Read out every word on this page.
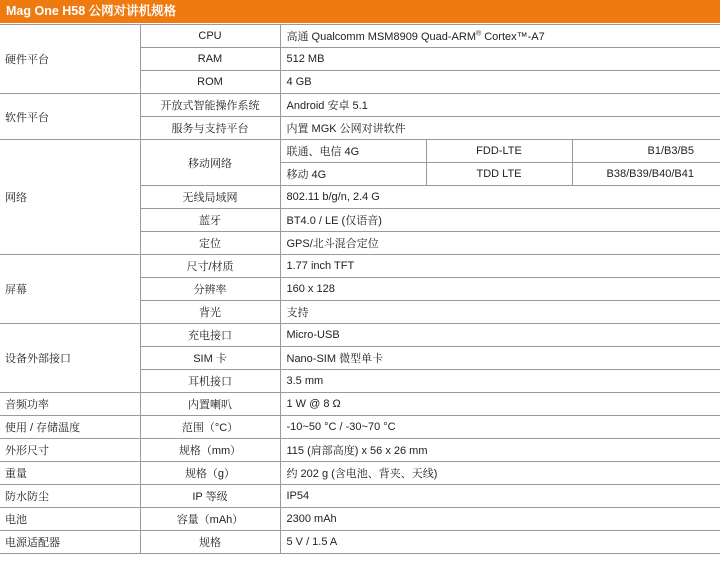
Mag One H58 公网对讲机规格
硬件平台	CPU	高通 Qualcomm MSM8909 Quad-ARM® Cortex™-A7		
	RAM	512 MB		
	ROM	4 GB		
软件平台	开放式智能操作系统	Android 安卓 5.1		
	服务与支持平台	内置 MGK 公网对讲软件		
网络	移动网络	联通、电信 4G	FDD-LTE	B1/B3/B5
		移动 4G	TDD LTE	B38/B39/B40/B41
	无线局域网	802.11 b/g/n, 2.4 G		
	蓝牙	BT4.0 / LE (仅语音)		
	定位	GPS/北斗混合定位		
屏幕	尺寸/材质	1.77 inch TFT		
	分辨率	160 x 128		
	背光	支持		
设备外部接口	充电接口	Micro-USB		
	SIM 卡	Nano-SIM 微型单卡		
	耳机接口	3.5 mm		
音频功率	内置喇叭	1 W @ 8 Ω		
使用 / 存储温度	范围（°C）	-10~50 °C / -30~70 °C		
外形尺寸	规格（mm）	115 (肩部高度) x 56 x 26 mm		
重量	规格（g）	约 202 g (含电池、背夹、天线)		
防水防尘	IP 等级	IP54		
电池	容量（mAh）	2300 mAh		
电源适配器	规格	5 V / 1.5 A		
